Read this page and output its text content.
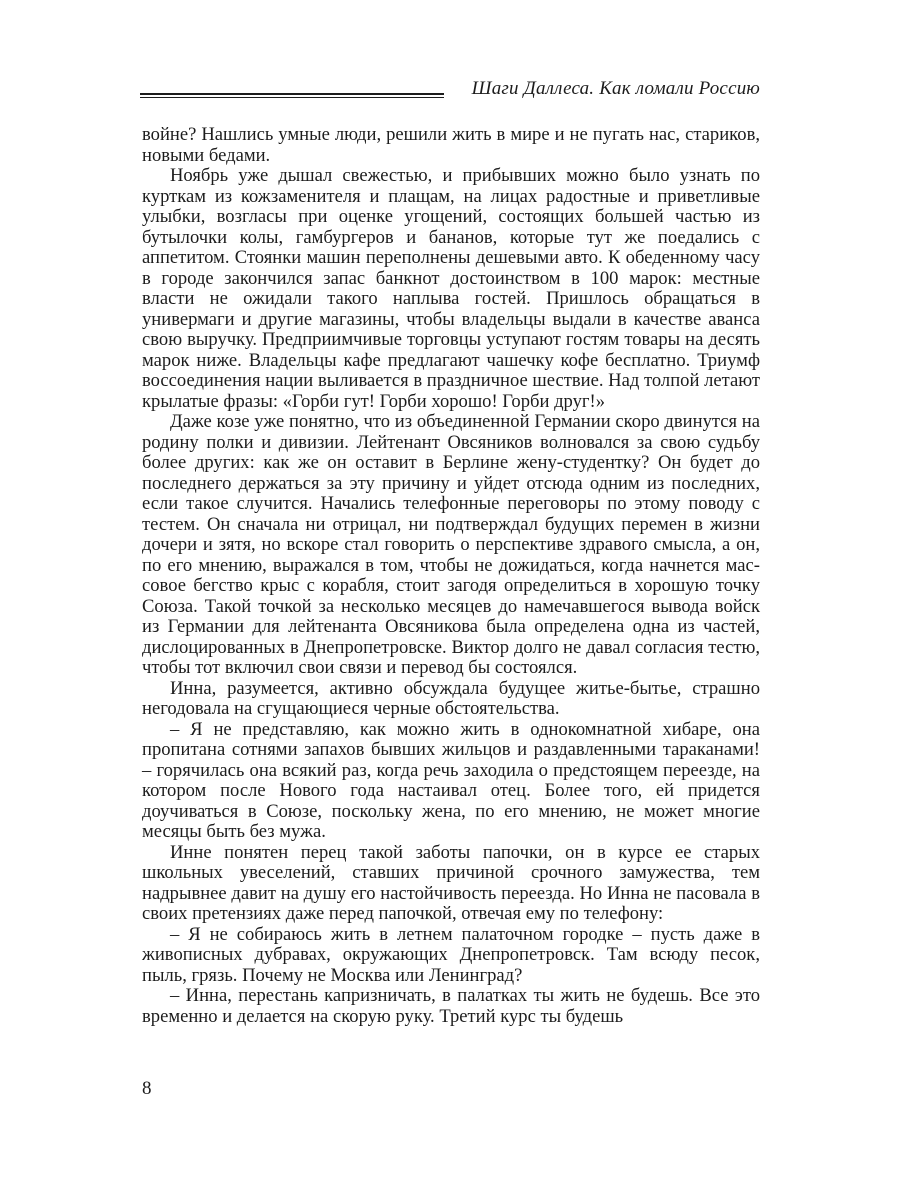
Шаги Даллеса. Как ломали Россию

войне? Нашлись умные люди, решили жить в мире и не пугать нас, стариков, новыми бедами.

Ноябрь уже дышал свежестью, и прибывших можно было узнать по курткам из кожзаменителя и плащам, на лицах радостные и приветливые улыбки, возгласы при оценке угощений, состоящих большей частью из бутылочки колы, гамбургеров и бананов, которые тут же поедались с аппетитом. Стоянки машин переполнены дешевыми авто. К обеденному часу в городе закончился запас банкнот достоинством в 100 марок: местные власти не ожидали такого наплыва гостей. Пришлось обращаться в универмаги и другие магазины, чтобы владельцы выдали в качестве аванса свою выручку. Предприимчивые торговцы уступают гостям товары на десять марок ниже. Владельцы кафе предлагают чашечку кофе бесплатно. Триумф воссоединения нации выливается в праздничное шествие. Над толпой летают крылатые фразы: «Горби гут! Горби хорошо! Горби друг!»

Даже козе уже понятно, что из объединенной Германии скоро двинутся на родину полки и дивизии. Лейтенант Овсяников волновался за свою судьбу более других: как же он оставит в Берлине жену-студентку? Он будет до последнего держаться за эту причину и уйдет отсюда одним из последних, если такое случится. Начались телефонные переговоры по этому поводу с тестем. Он сначала ни отрицал, ни подтверждал будущих перемен в жизни дочери и зятя, но вскоре стал говорить о перспективе здравого смысла, а он, по его мнению, выражался в том, чтобы не дожидаться, когда начнется массовое бегство крыс с корабля, стоит загодя определиться в хорошую точку Союза. Такой точкой за несколько месяцев до намечавшегося вывода войск из Германии для лейтенанта Овсяникова была определена одна из частей, дислоцированных в Днепропетровске. Виктор долго не давал согласия тестю, чтобы тот включил свои связи и перевод бы состоялся.

Инна, разумеется, активно обсуждала будущее житье-бытье, страшно негодовала на сгущающиеся черные обстоятельства.

– Я не представляю, как можно жить в однокомнатной хибаре, она пропитана сотнями запахов бывших жильцов и раздавленными тараканами! – горячилась она всякий раз, когда речь заходила о предстоящем переезде, на котором после Нового года настаивал отец. Более того, ей придется доучиваться в Союзе, поскольку жена, по его мнению, не может многие месяцы быть без мужа.

Инне понятен перец такой заботы папочки, он в курсе ее старых школьных увеселений, ставших причиной срочного замужества, тем надрывнее давит на душу его настойчивость переезда. Но Инна не пасовала в своих претензиях даже перед папочкой, отвечая ему по телефону:

– Я не собираюсь жить в летнем палаточном городке – пусть даже в живописных дубравах, окружающих Днепропетровск. Там всюду песок, пыль, грязь. Почему не Москва или Ленинград?

– Инна, перестань капризничать, в палатках ты жить не будешь. Все это временно и делается на скорую руку. Третий курс ты будешь

8
